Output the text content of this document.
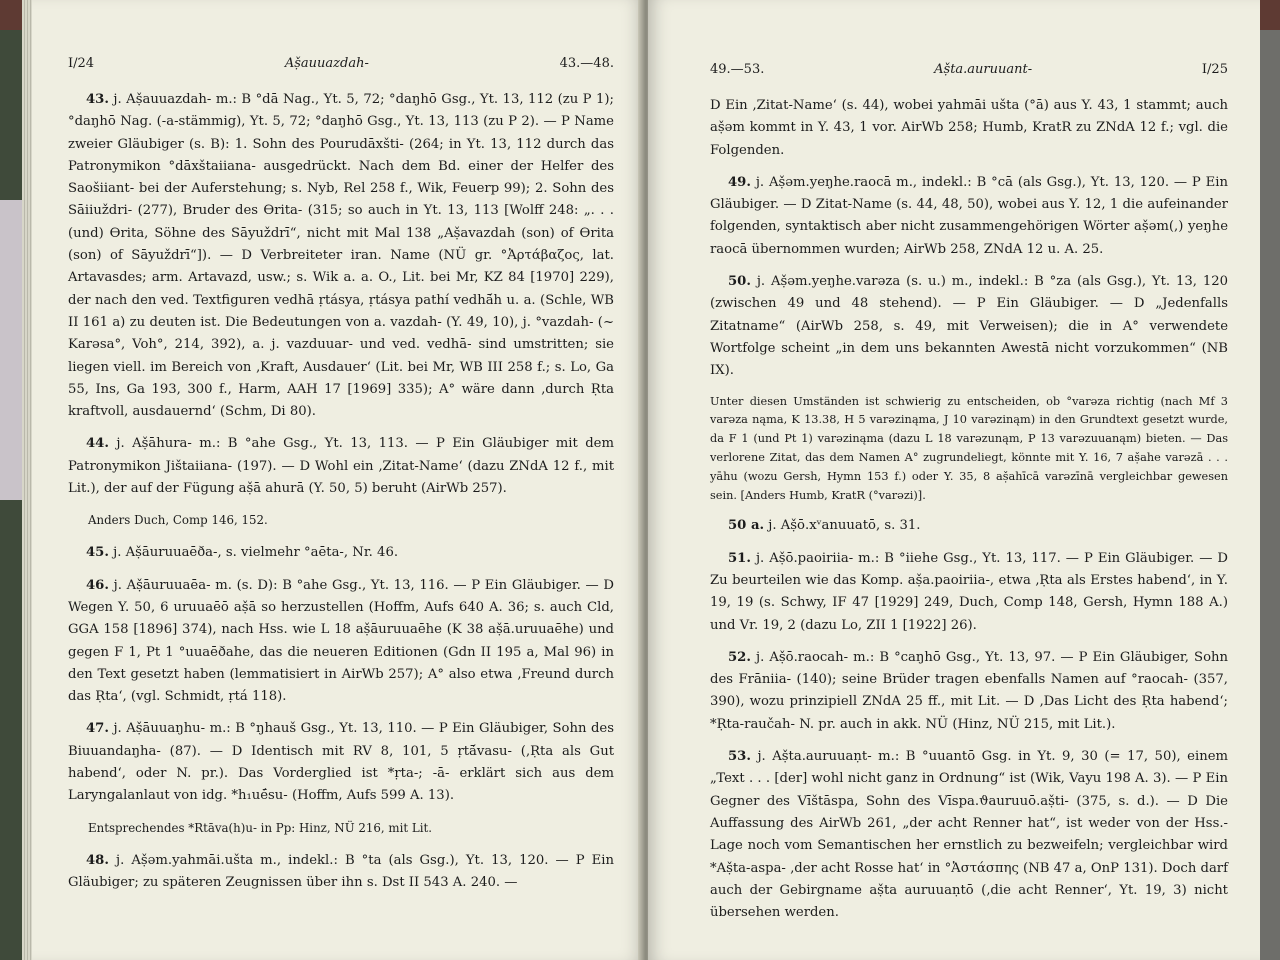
I/24	Aṣ̌auuazdah-	43.—48.

43. j. Aṣ̌auuazdah- m.: B °dā Nag., Yt. 5, 72; °daŋhō Gsg., Yt. 13, 112 (zu P 1); °daŋhō Nag. (-a-stämmig), Yt. 5, 72; °daŋhō Gsg., Yt. 13, 113 (zu P 2). — P Name zweier Gläubiger (s. B): 1. Sohn des Pourudāxšti- (264; in Yt. 13, 112 durch das Patronymikon °dāxštaiiana- ausgedrückt. Nach dem Bd. einer der Helfer des Saošiiant- bei der Auferstehung; s. Nyb, Rel 258 f., Wik, Feuerp 99); 2. Sohn des Sāiiuždri- (277), Bruder des Ɵrita- (315; so auch in Yt. 13, 113 [Wolff 248: „. . . (und) Ɵrita, Söhne des Sāyuždrī“, nicht mit Mal 138 „Aṣ̌avazdah (son) of Ɵrita (son) of Sāyuždrī“]). — D Verbreiteter iran. Name (NÜ gr. °Ἀρτάβαζος, lat. Artavasdes; arm. Artavazd, usw.; s. Wik a. a. O., Lit. bei Mr, KZ 84 [1970] 229), der nach den ved. Textfiguren vedhā ṛtásya, ṛtásya pathí vedhā́h u. a. (Schle, WB II 161 a) zu deuten ist. Die Bedeutungen von a. vazdah- (Y. 49, 10), j. °vazdah- (~ Karəsa°, Voh°, 214, 392), a. j. vazduuar- und ved. vedhā- sind umstritten; sie liegen viell. im Bereich von ‚Kraft, Ausdauer‘ (Lit. bei Mr, WB III 258 f.; s. Lo, Ga 55, Ins, Ga 193, 300 f., Harm, AAH 17 [1969] 335); A° wäre dann ‚durch Ṛta kraftvoll, ausdauernd‘ (Schm, Di 80).

44. j. Aṣ̌āhura- m.: B °ahe Gsg., Yt. 13, 113. — P Ein Gläubiger mit dem Patronymikon Jištaiiana- (197). — D Wohl ein ‚Zitat-Name‘ (dazu ZNdA 12 f., mit Lit.), der auf der Fügung aṣ̌ā ahurā (Y. 50, 5) beruht (AirWb 257).

Anders Duch, Comp 146, 152.

45. j. Aṣ̌āuruuaēða-, s. vielmehr °aēta-, Nr. 46.

46. j. Aṣ̌āuruuaēa- m. (s. D): B °ahe Gsg., Yt. 13, 116. — P Ein Gläubiger. — D Wegen Y. 50, 6 uruuaēō aṣ̌ā so herzustellen (Hoffm, Aufs 640 A. 36; s. auch Cld, GGA 158 [1896] 374), nach Hss. wie L 18 aṣ̌āuruuaēhe (K 38 aṣ̌ā.uruuaēhe) und gegen F 1, Pt 1 °uuaēðahe, das die neueren Editionen (Gdn II 195 a, Mal 96) in den Text gesetzt haben (lemmatisiert in AirWb 257); A° also etwa ‚Freund durch das Ṛta‘, (vgl. Schmidt, ṛtá 118).

47. j. Aṣ̌āuuaŋhu- m.: B °ŋhauš Gsg., Yt. 13, 110. — P Ein Gläubiger, Sohn des Biuuandaŋha- (87). — D Identisch mit RV 8, 101, 5 ṛtā́vasu- (‚Ṛta als Gut habend‘, oder N. pr.). Das Vorderglied ist *ṛta-; -ā- erklärt sich aus dem Laryngalanlaut von idg. *h₁ué̄su- (Hoffm, Aufs 599 A. 13).

Entsprechendes *Rtāva(h)u- in Pp: Hinz, NÜ 216, mit Lit.

48. j. Aṣ̌əm.yahmāi.ušta m., indekl.: B °ta (als Gsg.), Yt. 13, 120. — P Ein Gläubiger; zu späteren Zeugnissen über ihn s. Dst II 543 A. 240. —

49.—53.	Aṣ̌ta.auruuant-	I/25

D Ein ‚Zitat-Name‘ (s. 44), wobei yahmāi ušta (°ā) aus Y. 43, 1 stammt; auch aṣ̌əm kommt in Y. 43, 1 vor. AirWb 258; Humb, KratR zu ZNdA 12 f.; vgl. die Folgenden.

49. j. Aṣ̌əm.yeŋhe.raocā m., indekl.: B °cā (als Gsg.), Yt. 13, 120. — P Ein Gläubiger. — D Zitat-Name (s. 44, 48, 50), wobei aus Y. 12, 1 die aufeinander folgenden, syntaktisch aber nicht zusammengehörigen Wörter aṣ̌əm(,) yeŋhe raocā übernommen wurden; AirWb 258, ZNdA 12 u. A. 25.

50. j. Aṣ̌əm.yeŋhe.varəza (s. u.) m., indekl.: B °za (als Gsg.), Yt. 13, 120 (zwischen 49 und 48 stehend). — P Ein Gläubiger. — D „Jedenfalls Zitatname“ (AirWb 258, s. 49, mit Verweisen); die in A° verwendete Wortfolge scheint „in dem uns bekannten Awestā nicht vorzukommen“ (NB IX).

Unter diesen Umständen ist schwierig zu entscheiden, ob °varəza richtig (nach Mf 3 varəza nąma, K 13.38, H 5 varəzinąma, J 10 varəzinąm) in den Grundtext gesetzt wurde, da F 1 (und Pt 1) varəzinąma (dazu L 18 varəzunąm, P 13 varəzuuanąm) bieten. — Das verlorene Zitat, das dem Namen A° zugrundeliegt, könnte mit Y. 16, 7 aṣ̌ahe varəzā . . . yāhu (wozu Gersh, Hymn 153 f.) oder Y. 35, 8 aṣ̌ahīcā varəzīnā vergleichbar gewesen sein. [Anders Humb, KratR (°varəzi)].

50 a. j. Aṣ̌ō.xᵛanuuatō, s. 31.

51. j. Aṣ̌ō.paoiriia- m.: B °iiehe Gsg., Yt. 13, 117. — P Ein Gläubiger. — D Zu beurteilen wie das Komp. aṣ̌a.paoiriia-, etwa ‚Ṛta als Erstes habend‘, in Y. 19, 19 (s. Schwy, IF 47 [1929] 249, Duch, Comp 148, Gersh, Hymn 188 A.) und Vr. 19, 2 (dazu Lo, ZII 1 [1922] 26).

52. j. Aṣ̌ō.raocah- m.: B °caŋhō Gsg., Yt. 13, 97. — P Ein Gläubiger, Sohn des Frāniia- (140); seine Brüder tragen ebenfalls Namen auf °raocah- (357, 390), wozu prinzipiell ZNdA 25 ff., mit Lit. — D ‚Das Licht des Ṛta habend‘; *Ṛta-raučah- N. pr. auch in akk. NÜ (Hinz, NÜ 215, mit Lit.).

53. j. Aṣ̌ta.auruuaṇt- m.: B °uuantō Gsg. in Yt. 9, 30 (= 17, 50), einem „Text . . . [der] wohl nicht ganz in Ordnung“ ist (Wik, Vayu 198 A. 3). — P Ein Gegner des Vīštāspa, Sohn des Vīspa.ϑauruuō.aṣ̌ti- (375, s. d.). — D Die Auffassung des AirWb 261, „der acht Renner hat“, ist weder von der Hss.-Lage noch vom Semantischen her ernstlich zu bezweifeln; vergleichbar wird *Aṣ̌ta-aspa- ‚der acht Rosse hat‘ in °Ἀστάσπης (NB 47 a, OnP 131). Doch darf auch der Gebirgname aṣ̌ta auruuaṇtō (‚die acht Renner‘, Yt. 19, 3) nicht übersehen werden.
